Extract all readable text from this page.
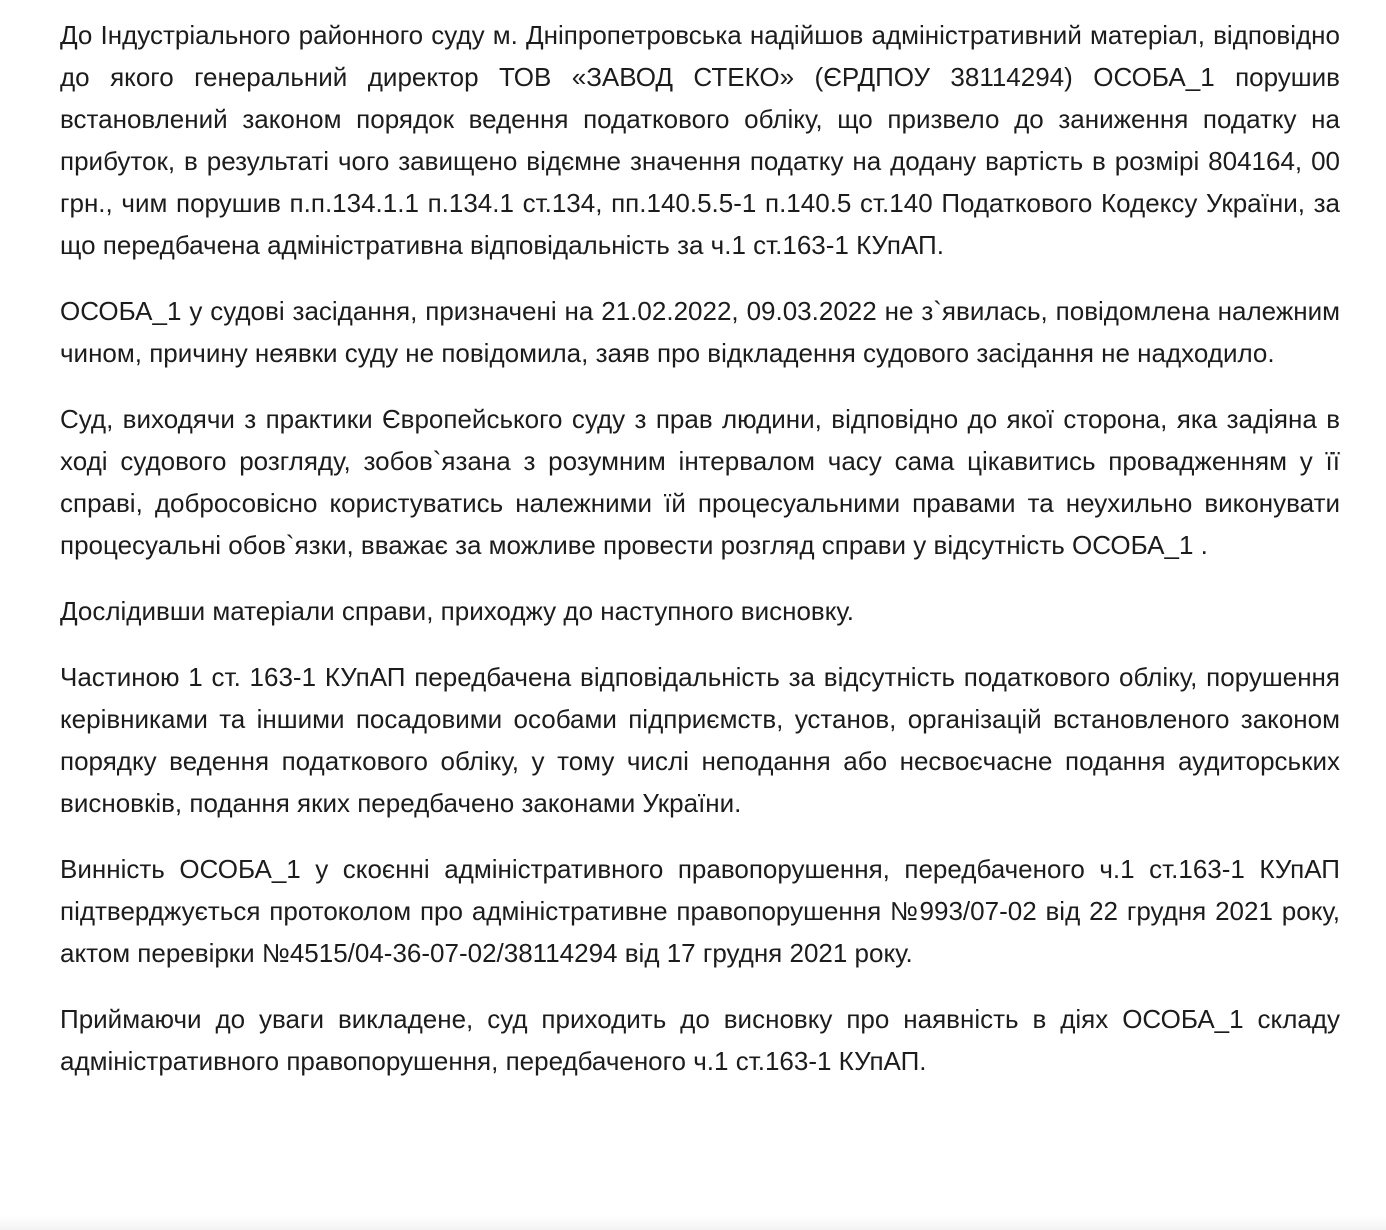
До Індустріального районного суду м. Дніпропетровська надійшов адміністративний матеріал, відповідно до якого генеральний директор ТОВ «ЗАВОД СТЕКО» (ЄРДПОУ 38114294) ОСОБА_1 порушив встановлений законом порядок ведення податкового обліку, що призвело до заниження податку на прибуток, в результаті чого завищено відємне значення податку на додану вартість в розмірі 804164, 00 грн., чим порушив п.п.134.1.1 п.134.1 ст.134, пп.140.5.5-1 п.140.5 ст.140 Податкового Кодексу України, за що передбачена адміністративна відповідальність за ч.1 ст.163-1 КУпАП.

ОСОБА_1 у судові засідання, призначені на 21.02.2022, 09.03.2022 не з`явилась, повідомлена належним чином, причину неявки суду не повідомила, заяв про відкладення судового засідання не надходило.

Суд, виходячи з практики Європейського суду з прав людини, відповідно до якої сторона, яка задіяна в ході судового розгляду, зобов`язана з розумним інтервалом часу сама цікавитись провадженням у її справі, добросовісно користуватись належними їй процесуальними правами та неухильно виконувати процесуальні обов`язки, вважає за можливе провести розгляд справи у відсутність ОСОБА_1 .

Дослідивши матеріали справи, приходжу до наступного висновку.

Частиною 1 ст. 163-1 КУпАП передбачена відповідальність за відсутність податкового обліку, порушення керівниками та іншими посадовими особами підприємств, установ, організацій встановленого законом порядку ведення податкового обліку, у тому числі неподання або несвоєчасне подання аудиторських висновків, подання яких передбачено законами України.

Винність ОСОБА_1 у скоєнні адміністративного правопорушення, передбаченого ч.1 ст.163-1 КУпАП підтверджується протоколом про адміністративне правопорушення №993/07-02 від 22 грудня 2021 року, актом перевірки №4515/04-36-07-02/38114294 від 17 грудня 2021 року.

Приймаючи до уваги викладене, суд приходить до висновку про наявність в діях ОСОБА_1 складу адміністративного правопорушення, передбаченого ч.1 ст.163-1 КУпАП.
